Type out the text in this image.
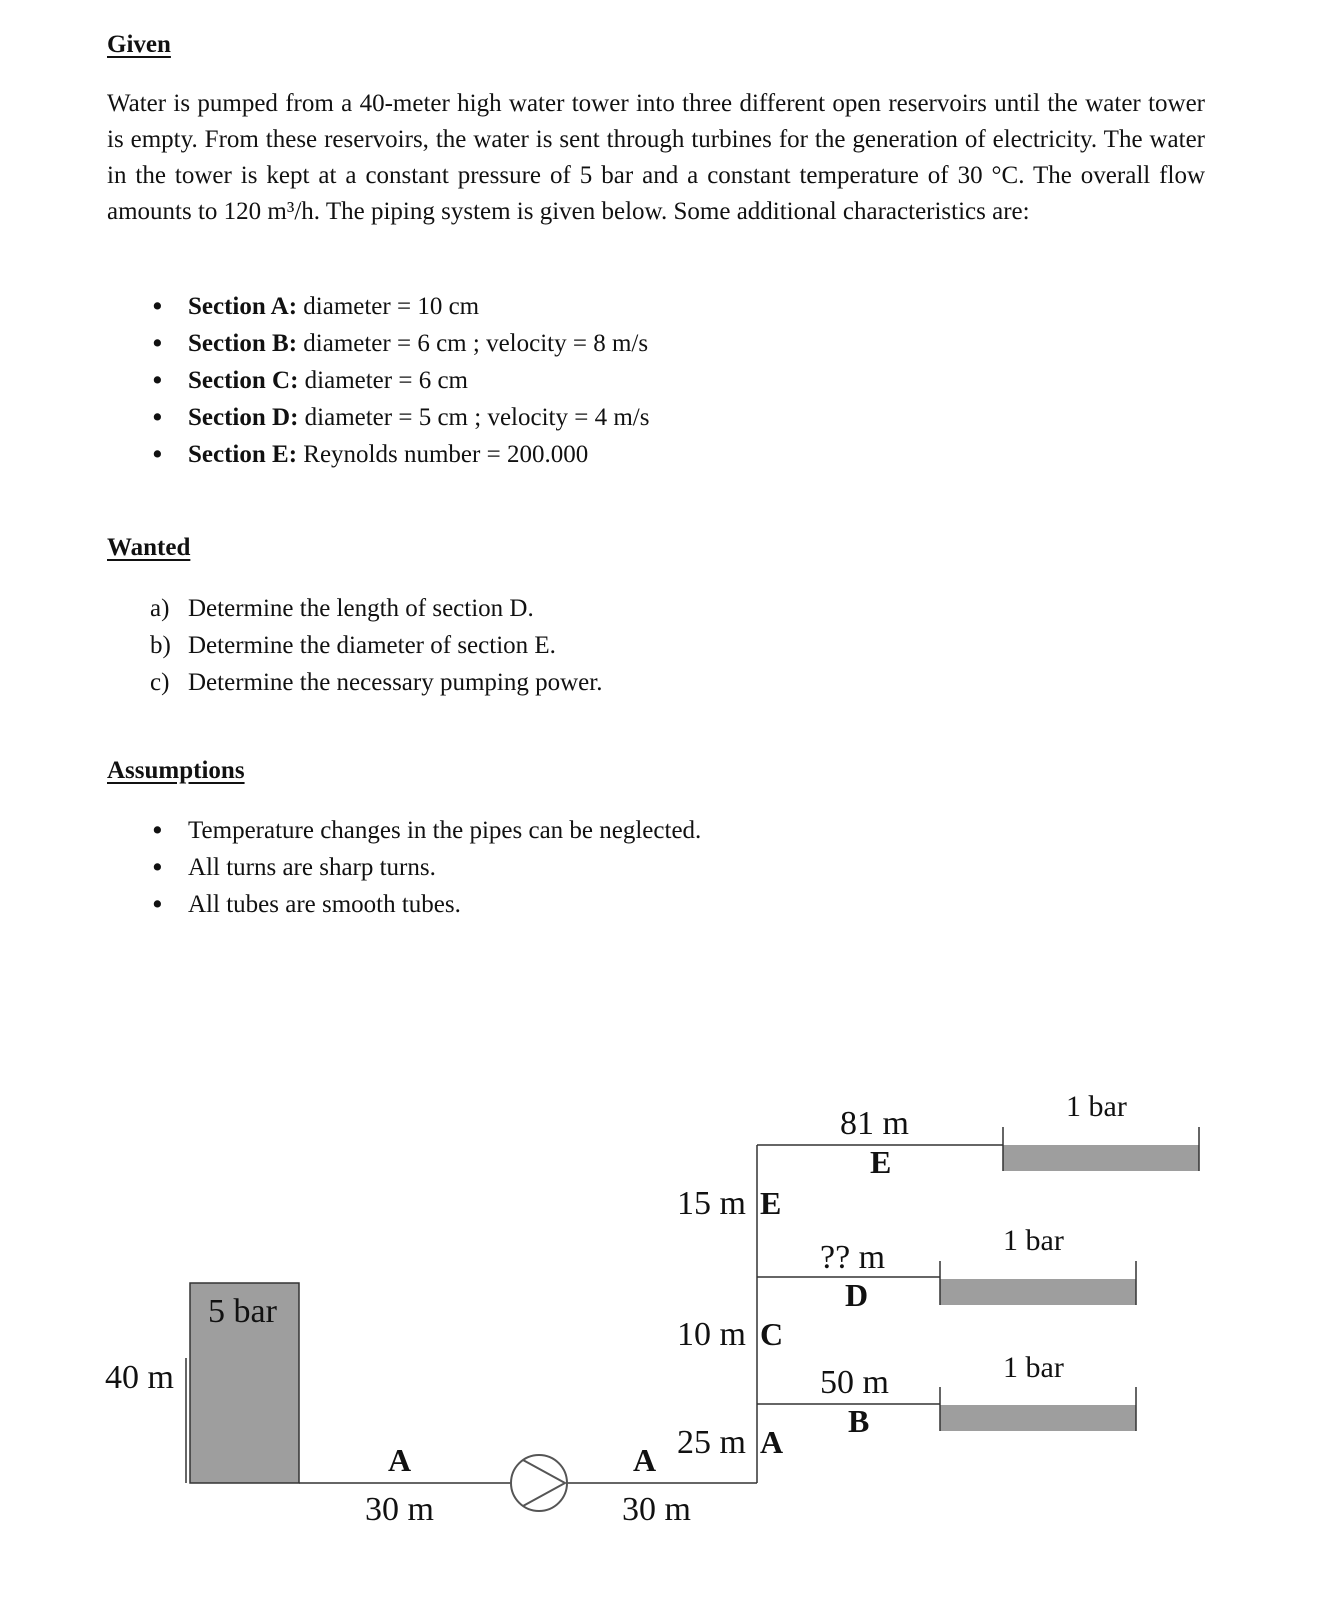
Given

Water is pumped from a 40-meter high water tower into three different open reservoirs until the water tower is empty. From these reservoirs, the water is sent through turbines for the generation of electricity. The water in the tower is kept at a constant pressure of 5 bar and a constant temperature of 30 °C. The overall flow amounts to 120 m³/h. The piping system is given below. Some additional characteristics are:

• Section A: diameter = 10 cm
• Section B: diameter = 6 cm ; velocity = 8 m/s
• Section C: diameter = 6 cm
• Section D: diameter = 5 cm ; velocity = 4 m/s
• Section E: Reynolds number = 200.000
Wanted
a) Determine the length of section D.
b) Determine the diameter of section E.
c) Determine the necessary pumping power.
Assumptions
• Temperature changes in the pipes can be neglected.
• All turns are sharp turns.
• All tubes are smooth tubes.
5 bar
40 m
A
30 m
A
30 m
25 m A
10 m C
15 m E
81 m
E
1 bar
?? m
D
1 bar
50 m
B
1 bar
